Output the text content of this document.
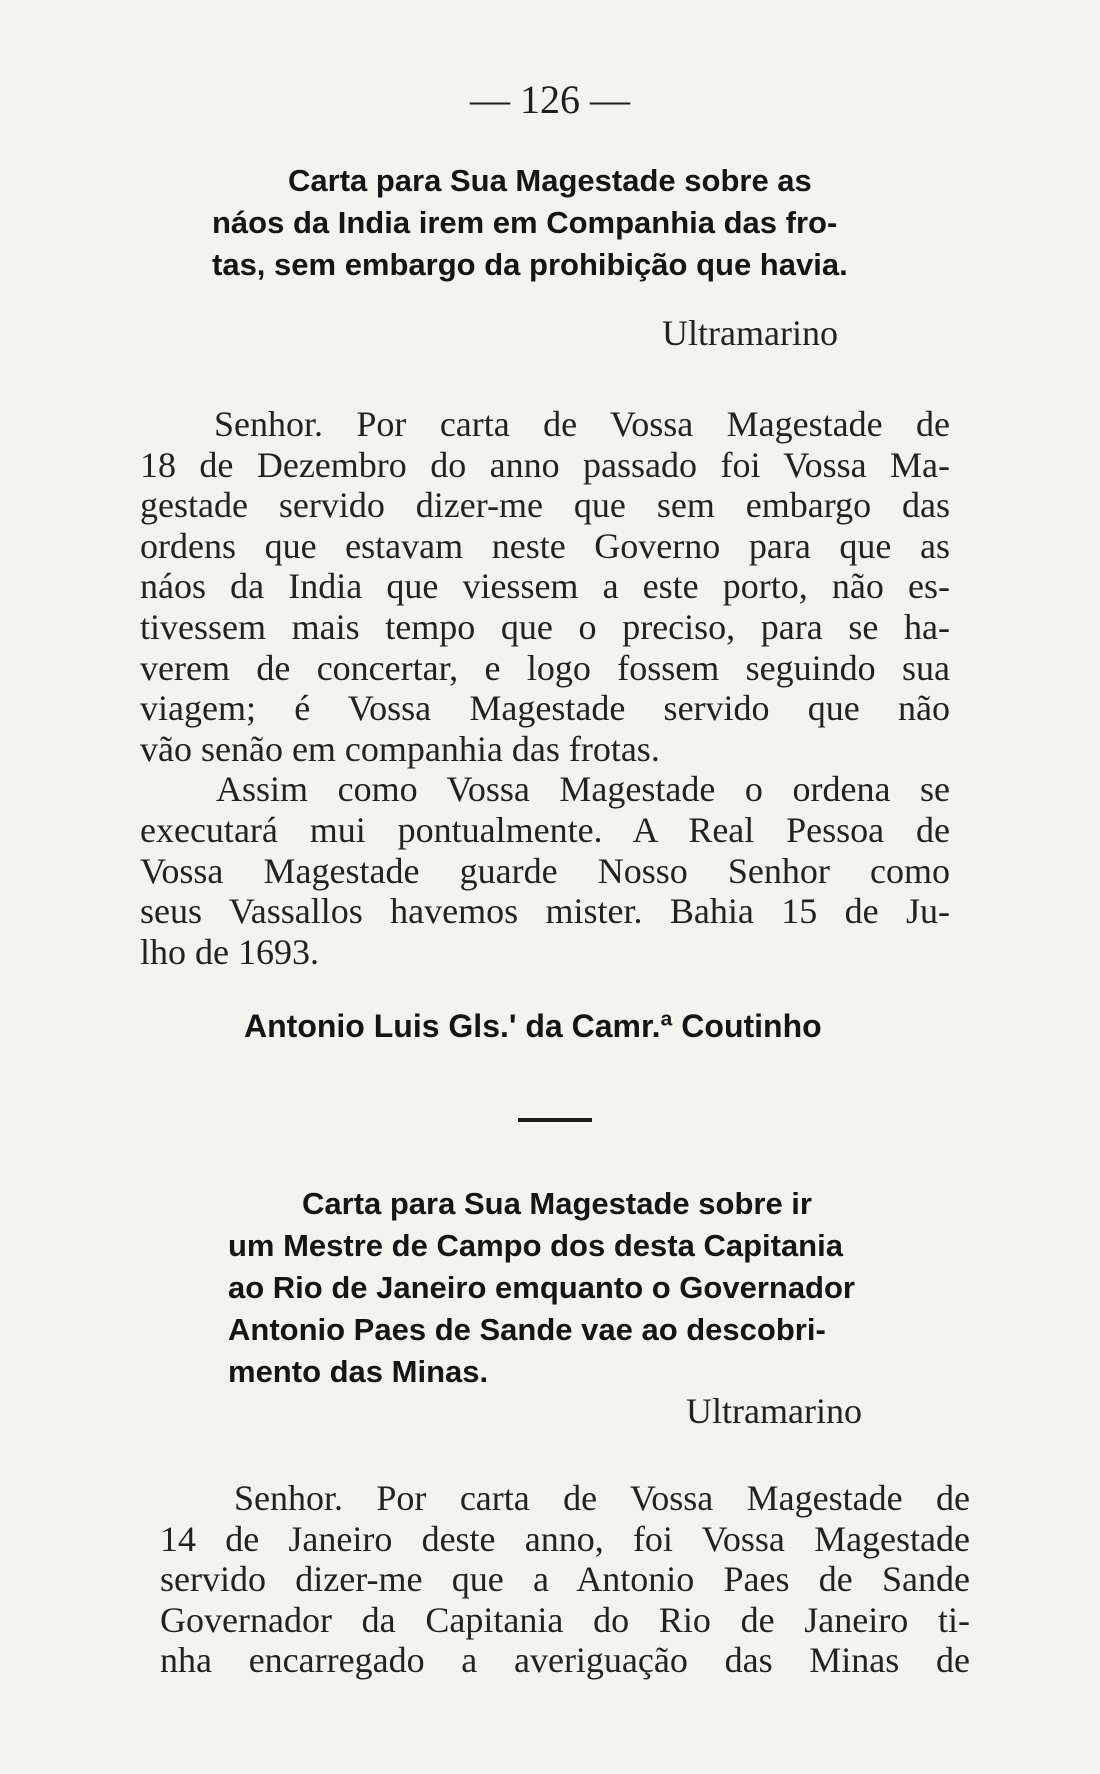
— 126 —
Carta para Sua Magestade sobre as
náos da India irem em Companhia das fro-
tas, sem embargo da prohibição que havia.
Ultramarino
Senhor. Por carta de Vossa Magestade de
18 de Dezembro do anno passado foi Vossa Ma-
gestade servido dizer-me que sem embargo das
ordens que estavam neste Governo para que as
náos da India que viessem a este porto, não es-
tivessem mais tempo que o preciso, para se ha-
verem de concertar, e logo fossem seguindo sua
viagem; é Vossa Magestade servido que não
vão senão em companhia das frotas.
Assim como Vossa Magestade o ordena se
executará mui pontualmente. A Real Pessoa de
Vossa Magestade guarde Nosso Senhor como
seus Vassallos havemos mister. Bahia 15 de Ju-
lho de 1693.
Antonio Luis Gls.' da Camr.ª Coutinho
Carta para Sua Magestade sobre ir
um Mestre de Campo dos desta Capitania
ao Rio de Janeiro emquanto o Governador
Antonio Paes de Sande vae ao descobri-
mento das Minas.
Ultramarino
Senhor. Por carta de Vossa Magestade de
14 de Janeiro deste anno, foi Vossa Magestade
servido dizer-me que a Antonio Paes de Sande
Governador da Capitania do Rio de Janeiro ti-
nha encarregado a averiguação das Minas de
